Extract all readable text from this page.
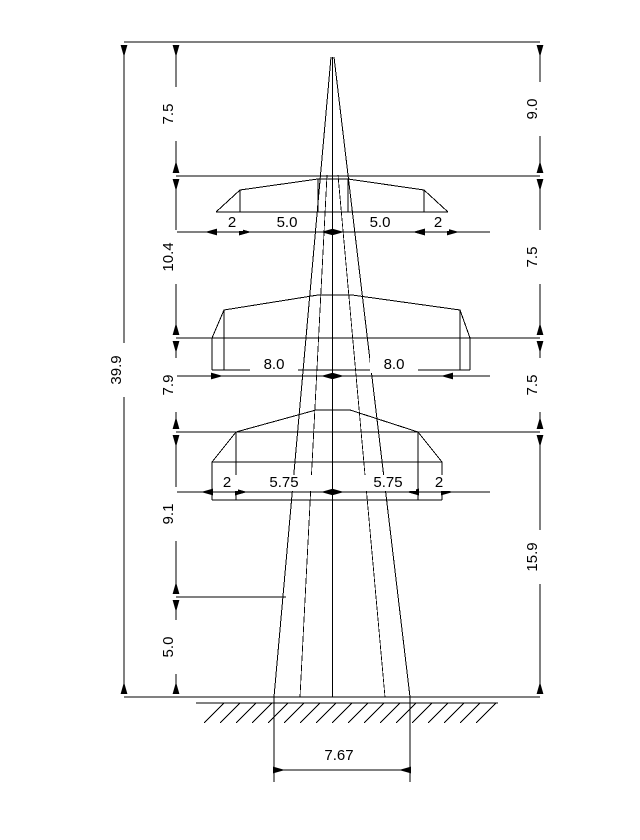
39.9
7.5
10.4
7.9
9.1
5.0
9.0
7.5
7.5
15.9
2	5.0	5.0	2
8.0	8.0
2	5.75	5.75	2
7.67
